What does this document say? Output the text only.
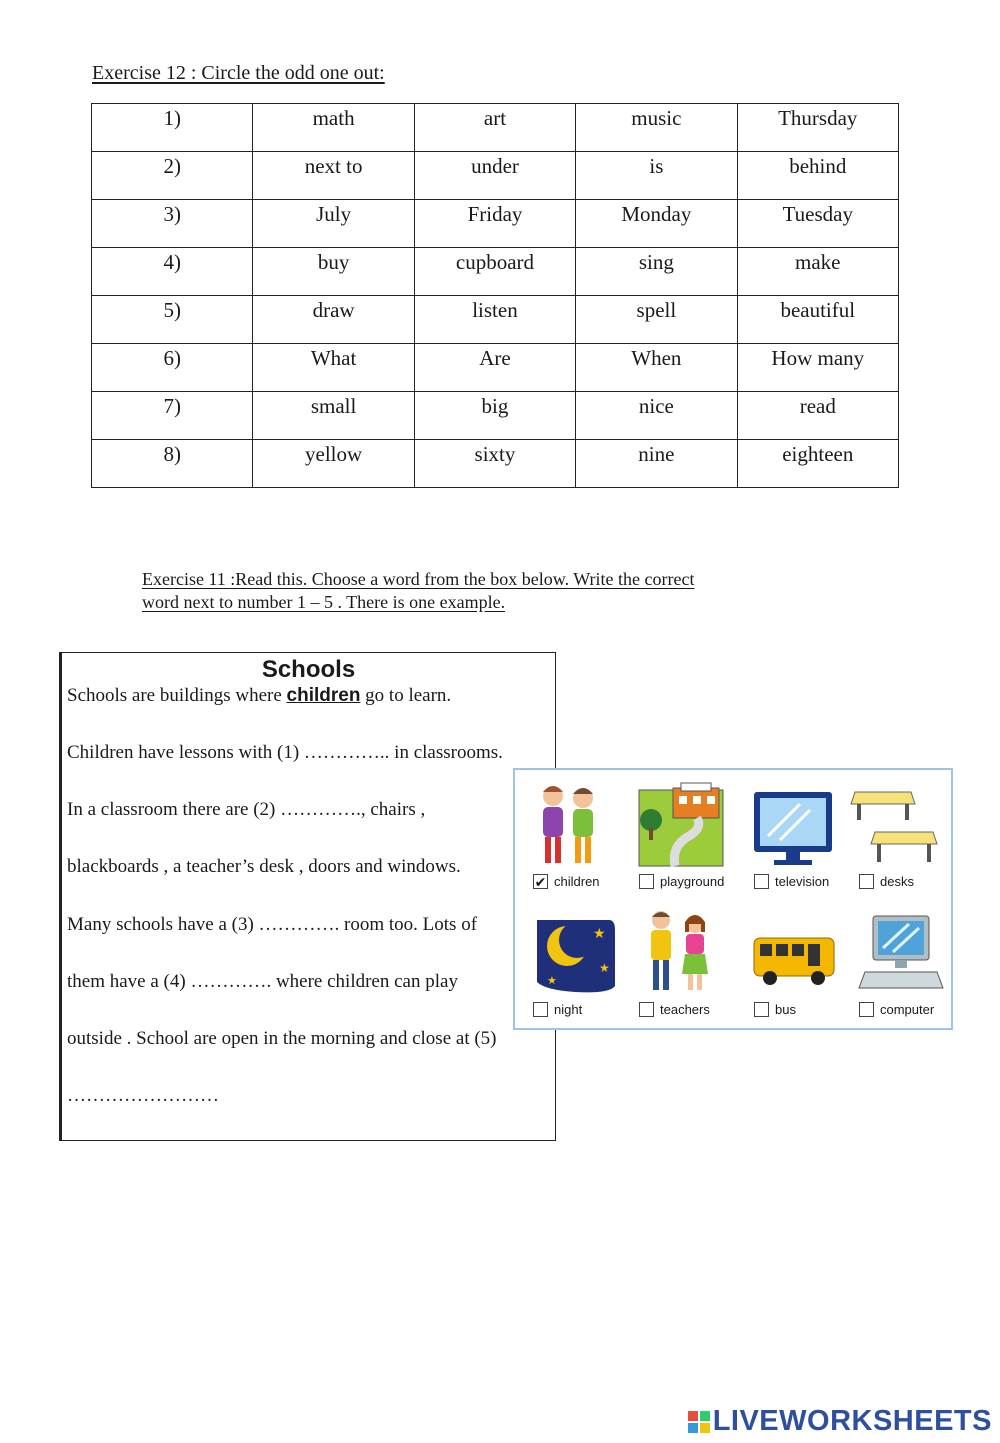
Exercise 12 : Circle the odd one out:
1)	math	art	music	Thursday
2)	next to	under	is	behind
3)	July	Friday	Monday	Tuesday
4)	buy	cupboard	sing	make
5)	draw	listen	spell	beautiful
6)	What	Are	When	How many
7)	small	big	nice	read
8)	yellow	sixty	nine	eighteen
Exercise 11 :Read this. Choose a word from the box below. Write the correct
word next to number 1 – 5 . There is one example.
Schools

Schools are buildings where children go to learn.

Children have lessons with (1) ………….. in classrooms.

In a classroom there are (2) …………., chairs ,

blackboards , a teacher’s desk , doors and windows.

Many schools have a (3) …………. room too. Lots of

them have a (4) …………. where children can play

outside . School are open in the morning and close at (5)

……………………

✔ children	playground	television	desks
★
★
★
night	teachers	bus	computer
LIVEWORKSHEETS
